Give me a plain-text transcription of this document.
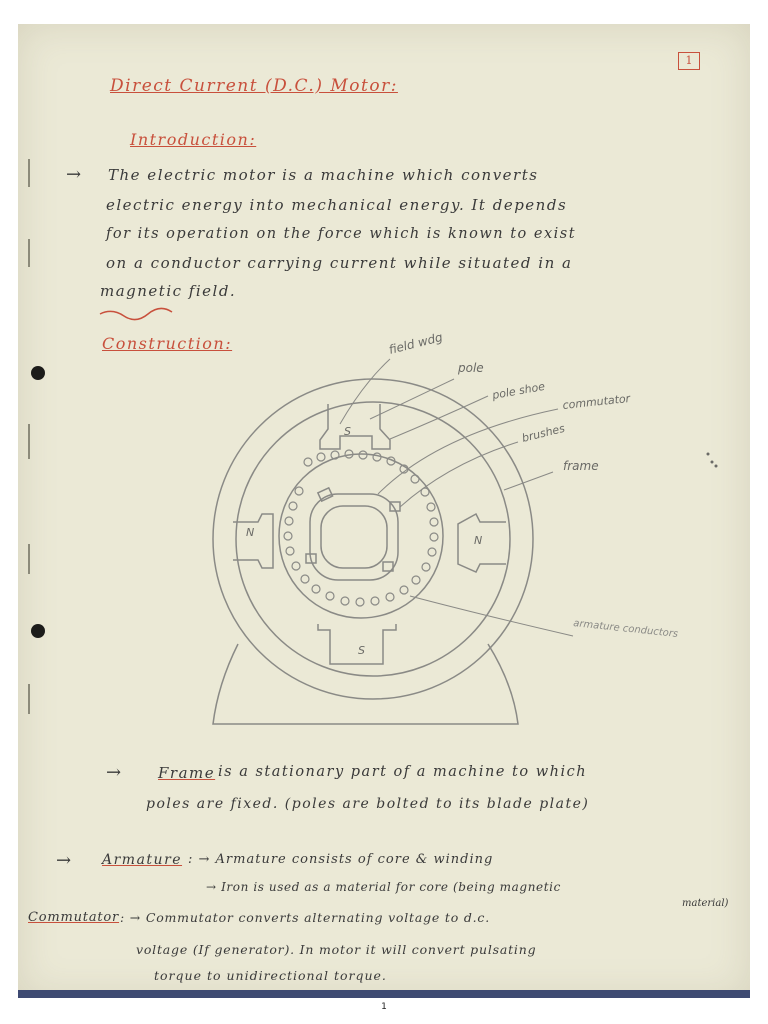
1
Direct Current (D.C.) Motor:
Introduction:
→ The electric motor is a machine which converts
electric energy into mechanical energy. It depends
for its operation on the force which is known to exist
on a conductor carrying current while situated in a
magnetic field.
Construction:
S
S
N
N
field wdg
pole
pole shoe
commutator
brushes
frame
armature conductors
→ Frame is a stationary part of a machine to which
poles are fixed. (poles are bolted to its blade plate)
→ Armature : → Armature consists of core & winding
→ Iron is used as a material for core (being magnetic
material)
Commutator : → Commutator converts alternating voltage to d.c.
voltage (If generator). In motor it will convert pulsating
torque to unidirectional torque.
1
